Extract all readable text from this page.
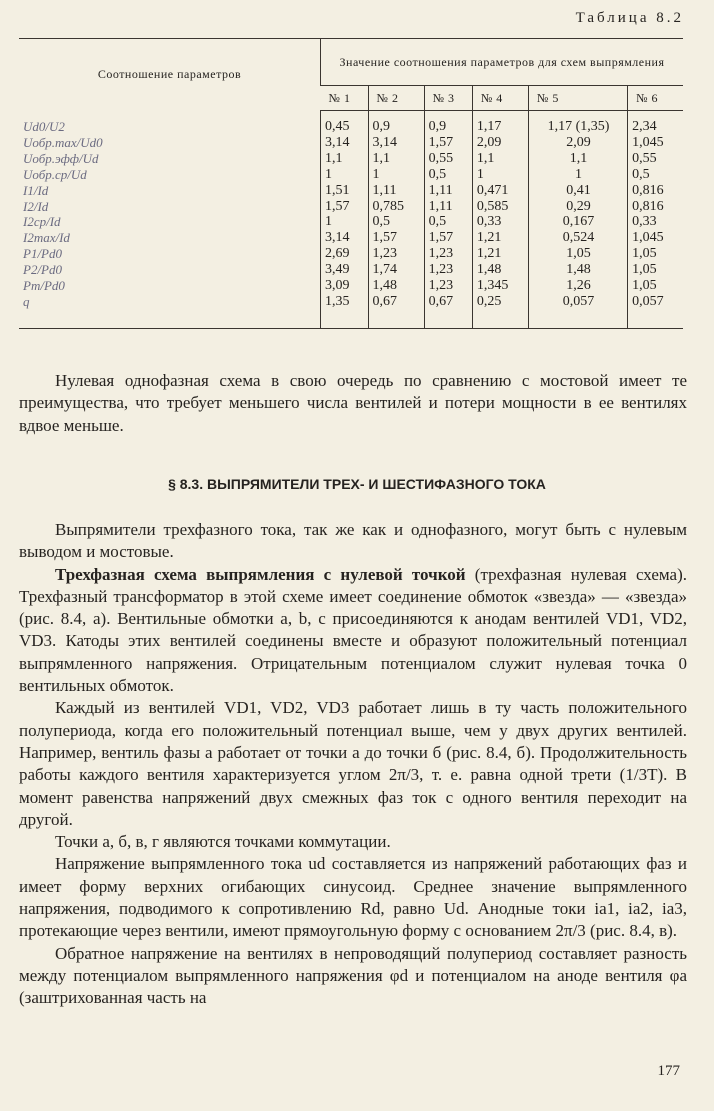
Таблица 8.2
Соотношение параметров	Значение соотношения параметров для схем выпрямления					
	№ 1	№ 2	№ 3	№ 4	№ 5	№ 6
Ud0/U2	0,45	0,9	0,9	1,17	1,17 (1,35)	2,34
Uобр.max/Ud0	3,14	3,14	1,57	2,09	2,09	1,045
Uобр.эфф/Ud	1,1	1,1	0,55	1,1	1,1	0,55
Uобр.ср/Ud	1	1	0,5	1	1	0,5
I1/Id	1,51	1,11	1,11	0,471	0,41	0,816
I2/Id	1,57	0,785	1,11	0,585	0,29	0,816
I2ср/Id	1	0,5	0,5	0,33	0,167	0,33
I2max/Id	3,14	1,57	1,57	1,21	0,524	1,045
P1/Pd0	2,69	1,23	1,23	1,21	1,05	1,05
P2/Pd0	3,49	1,74	1,23	1,48	1,48	1,05
Pт/Pd0	3,09	1,48	1,23	1,345	1,26	1,05
q	1,35	0,67	0,67	0,25	0,057	0,057

Нулевая однофазная схема в свою очередь по сравнению с мостовой имеет те преимущества, что требует меньшего числа вентилей и потери мощности в ее вентилях вдвое меньше.

§ 8.3. ВЫПРЯМИТЕЛИ ТРЕХ- И ШЕСТИФАЗНОГО ТОКА

Выпрямители трехфазного тока, так же как и однофазного, могут быть с нулевым выводом и мостовые.

Трехфазная схема выпрямления с нулевой точкой (трехфазная нулевая схема). Трехфазный трансформатор в этой схеме имеет соединение обмоток «звезда» — «звезда» (рис. 8.4, а). Вентильные обмотки a, b, c присоединяются к анодам вентилей VD1, VD2, VD3. Катоды этих вентилей соединены вместе и образуют положительный потенциал выпрямленного напряжения. Отрицательным потенциалом служит нулевая точка 0 вентильных обмоток.

Каждый из вентилей VD1, VD2, VD3 работает лишь в ту часть положительного полупериода, когда его положительный потенциал выше, чем у двух других вентилей. Например, вентиль фазы а работает от точки а до точки б (рис. 8.4, б). Продолжительность работы каждого вентиля характеризуется углом 2π/3, т. е. равна одной трети (1/3T). В момент равенства напряжений двух смежных фаз ток с одного вентиля переходит на другой.

Точки а, б, в, г являются точками коммутации.

Напряжение выпрямленного тока ud составляется из напряжений работающих фаз и имеет форму верхних огибающих синусоид. Среднее значение выпрямленного напряжения, подводимого к сопротивлению Rd, равно Ud. Анодные токи ia1, ia2, ia3, протекающие через вентили, имеют прямоугольную форму с основанием 2π/3 (рис. 8.4, в).

Обратное напряжение на вентилях в непроводящий полупериод составляет разность между потенциалом выпрямленного напряжения φd и потенциалом на аноде вентиля φa (заштрихованная часть на

177
